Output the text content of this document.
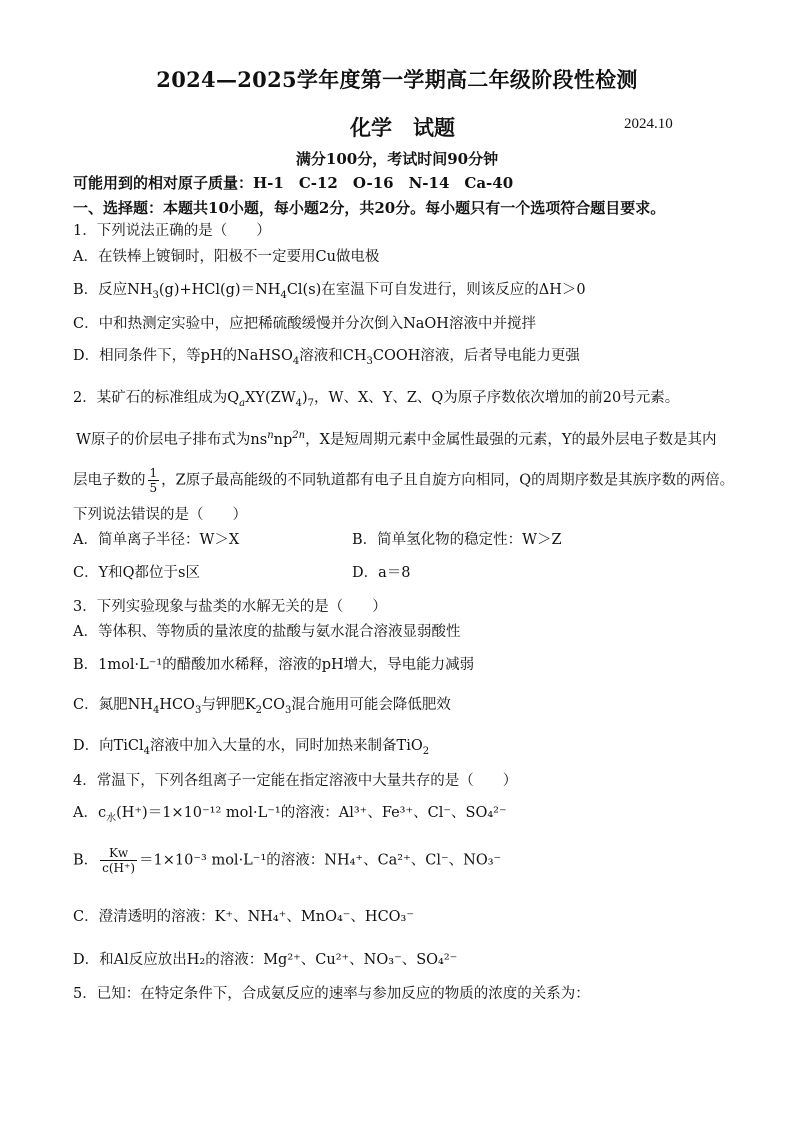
2024—2025学年度第一学期高二年级阶段性检测
化学　试题	2024.10
满分100分，考试时间90分钟
可能用到的相对原子质量：H-1　C-12　O-16　N-14　Ca-40
一、选择题：本题共10小题，每小题2分，共20分。每小题只有一个选项符合题目要求。
1．下列说法正确的是（　　）
A．在铁棒上镀铜时，阳极不一定要用Cu做电极
B．反应$NH_3(g)+HCl(g)=NH_4Cl(s)$在室温下可自发进行，则该反应的ΔH＞0
C．中和热测定实验中，应把稀硫酸缓慢并分次倒入NaOH溶液中并搅拌
D．相同条件下，等pH的NaHSO$_4$溶液和$CH_3COOH$溶液，后者导电能力更强
2．某矿石的标准组成为$Q_aXY(ZW_4)_7$，W、X、Y、Z、Q为原子序数依次增加的前20号元素。
W原子的价层电子排布式为$ns^nnp^{2n}$，X是短周期元素中金属性最强的元素，Y的最外层电子数是其内
层电子数的 $\frac{1}{5}$ ，Z原子最高能级的不同轨道都有电子且自旋方向相同，Q的周期序数是其族序数的两倍。
下列说法错误的是（　　）
A．简单离子半径：W＞X	B．简单氢化物的稳定性：W＞Z
C．Y和Q都位于s区	D．a＝8
3．下列实验现象与盐类的水解无关的是（　　）
A．等体积、等物质的量浓度的盐酸与氨水混合溶液显弱酸性
B．1mol·L⁻¹的醋酸加水稀释，溶液的pH增大，导电能力减弱
C．氮肥$NH_4HCO_3$与钾肥$K_2CO_3$混合施用可能会降低肥效
D．向TiCl$_4$溶液中加入大量的水，同时加热来制备TiO$_2$
4．常温下，下列各组离子一定能在指定溶液中大量共存的是（　　）
A．$c_水(H^+)=1\times 10^{-12}$ mol·L⁻¹的溶液：Al³⁺、Fe³⁺、Cl⁻、SO₄²⁻
B． $\frac{Kw}{c(H^+)} =1\times 10^{-3}$ mol·L⁻¹的溶液：NH₄⁺、Ca²⁺、Cl⁻、NO₃⁻
C．澄清透明的溶液：K⁺、NH₄⁺、MnO₄⁻、HCO₃⁻
D．和Al反应放出H₂的溶液：Mg²⁺、Cu²⁺、NO₃⁻、SO₄²⁻
5．已知：在特定条件下，合成氨反应的速率与参加反应的物质的浓度的关系为：
